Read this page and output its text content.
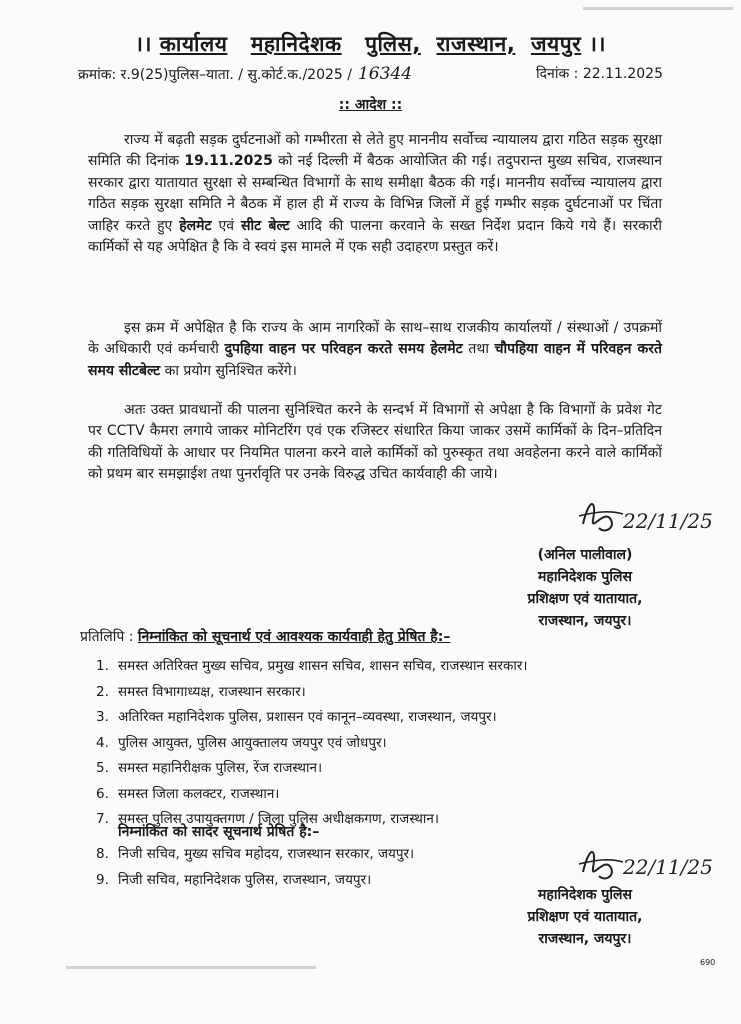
।। कार्यालय महानिदेशक पुलिस, राजस्थान, जयपुर ।।
क्रमांक: र.9(25)पुलिस–याता. / सु.कोर्ट.क./2025 / 16344	दिनांक : 22.11.2025
:: आदेश ::
राज्य में बढ़ती सड़क दुर्घटनाओं को गम्भीरता से लेते हुए माननीय सर्वोच्च न्यायालय द्वारा गठित सड़क सुरक्षा समिति की दिनांक 19.11.2025 को नई दिल्ली में बैठक आयोजित की गई। तदुपरान्त मुख्य सचिव, राजस्थान सरकार द्वारा यातायात सुरक्षा से सम्बन्धित विभागों के साथ समीक्षा बैठक की गई। माननीय सर्वोच्च न्यायालय द्वारा गठित सड़क सुरक्षा समिति ने बैठक में हाल ही में राज्य के विभिन्न जिलों में हुई गम्भीर सड़क दुर्घटनाओं पर चिंता जाहिर करते हुए हेलमेट एवं सीट बेल्ट आदि की पालना करवाने के सख्त निर्देश प्रदान किये गये हैं। सरकारी कार्मिकों से यह अपेक्षित है कि वे स्वयं इस मामले में एक सही उदाहरण प्रस्तुत करें।
इस क्रम में अपेक्षित है कि राज्य के आम नागरिकों के साथ–साथ राजकीय कार्यालयों / संस्थाओं / उपक्रमों के अधिकारी एवं कर्मचारी दुपहिया वाहन पर परिवहन करते समय हेलमेट तथा चौपहिया वाहन में परिवहन करते समय सीटबेल्ट का प्रयोग सुनिश्चित करेंगे।
अतः उक्त प्रावधानों की पालना सुनिश्चित करने के सन्दर्भ में विभागों से अपेक्षा है कि विभागों के प्रवेश गेट पर CCTV कैमरा लगाये जाकर मोनिटरिंग एवं एक रजिस्टर संधारित किया जाकर उसमें कार्मिकों के दिन–प्रतिदिन की गतिविधियों के आधार पर नियमित पालना करने वाले कार्मिकों को पुरुस्कृत तथा अवहेलना करने वाले कार्मिकों को प्रथम बार समझाईश तथा पुनर्रावृति पर उनके विरुद्ध उचित कार्यवाही की जाये।
22/11/25
(अनिल पालीवाल)
महानिदेशक पुलिस
प्रशिक्षण एवं यातायात,
राजस्थान, जयपुर।
प्रतिलिपि : निम्नांकित को सूचनार्थ एवं आवश्यक कार्यवाही हेतु प्रेषित है:–
1. समस्त अतिरिक्त मुख्य सचिव, प्रमुख शासन सचिव, शासन सचिव, राजस्थान सरकार।
2. समस्त विभागाध्यक्ष, राजस्थान सरकार।
3. अतिरिक्त महानिदेशक पुलिस, प्रशासन एवं कानून–व्यवस्था, राजस्थान, जयपुर।
4. पुलिस आयुक्त, पुलिस आयुक्तालय जयपुर एवं जोधपुर।
5. समस्त महानिरीक्षक पुलिस, रेंज राजस्थान।
6. समस्त जिला कलक्टर, राजस्थान।
7. समस्त पुलिस उपायुक्तगण / जिला पुलिस अधीक्षकगण, राजस्थान।
निम्नांकित को सादर सूचनार्थ प्रेषित है:–
8. निजी सचिव, मुख्य सचिव महोदय, राजस्थान सरकार, जयपुर।
9. निजी सचिव, महानिदेशक पुलिस, राजस्थान, जयपुर।
22/11/25
महानिदेशक पुलिस
प्रशिक्षण एवं यातायात,
राजस्थान, जयपुर।
690
